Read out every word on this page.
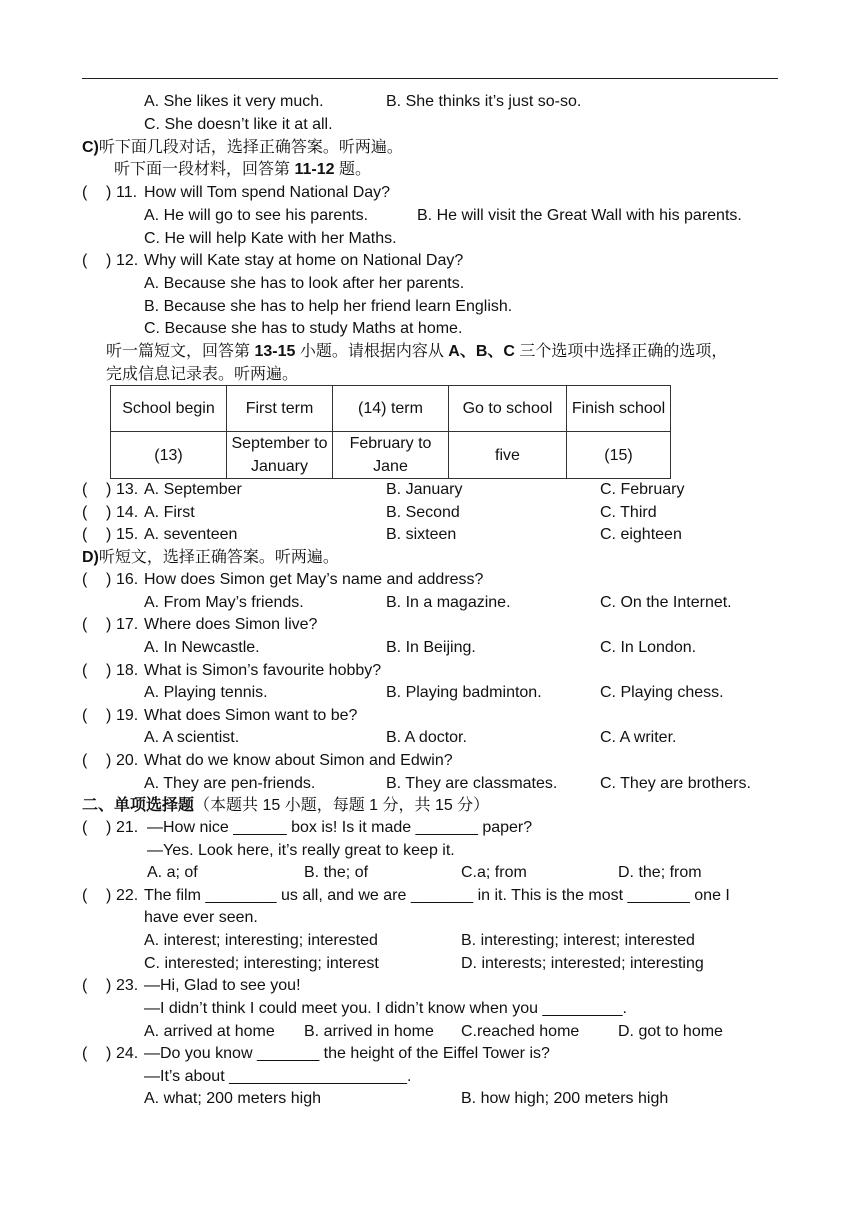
A. She likes it very much.	B. She thinks it’s just so-so.
C. She doesn’t like it at all.
C)听下面几段对话，选择正确答案。听两遍。
听下面一段材料，回答第 11-12 题。
( ) 11. How will Tom spend National Day?
A. He will go to see his parents.	B. He will visit the Great Wall with his parents.
C. He will help Kate with her Maths.
( ) 12. Why will Kate stay at home on National Day?
A. Because she has to look after her parents.
B. Because she has to help her friend learn English.
C. Because she has to study Maths at home.
听一篇短文，回答第 13-15 小题。请根据内容从 A、B、C 三个选项中选择正确的选项，
完成信息记录表。听两遍。
School begin	First term	(14) term	Go to school	Finish school
(13)	September to January	February to Jane	five	(15)
( ) 13. A. September	B. January	C. February
( ) 14. A. First	B. Second	C. Third
( ) 15. A. seventeen	B. sixteen	C. eighteen
D)听短文，选择正确答案。听两遍。
( ) 16. How does Simon get May’s name and address?
A. From May’s friends.	B. In a magazine.	C. On the Internet.
( ) 17. Where does Simon live?
A. In Newcastle.	B. In Beijing.	C. In London.
( ) 18. What is Simon’s favourite hobby?
A. Playing tennis.	B. Playing badminton.	C. Playing chess.
( ) 19. What does Simon want to be?
A. A scientist.	B. A doctor.	C. A writer.
( ) 20. What do we know about Simon and Edwin?
A. They are pen-friends.	B. They are classmates.	C. They are brothers.
二、单项选择题（本题共 15 小题，每题 1 分，共 15 分）
( ) 21. —How nice ______ box is! Is it made _______ paper?
—Yes. Look here, it’s really great to keep it.
A. a; of	B. the; of	C.a; from	D. the; from
( ) 22. The film ________ us all, and we are _______ in it. This is the most _______ one I
have ever seen.
A. interest; interesting; interested	B. interesting; interest; interested
C. interested; interesting; interest	D. interests; interested; interesting
( ) 23. —Hi, Glad to see you!
—I didn’t think I could meet you. I didn’t know when you _________.
A. arrived at home B. arrived in home C.reached home D. got to home
( ) 24. —Do you know _______ the height of the Eiffel Tower is?
—It’s about ____________________.
A. what; 200 meters high	B. how high; 200 meters high
